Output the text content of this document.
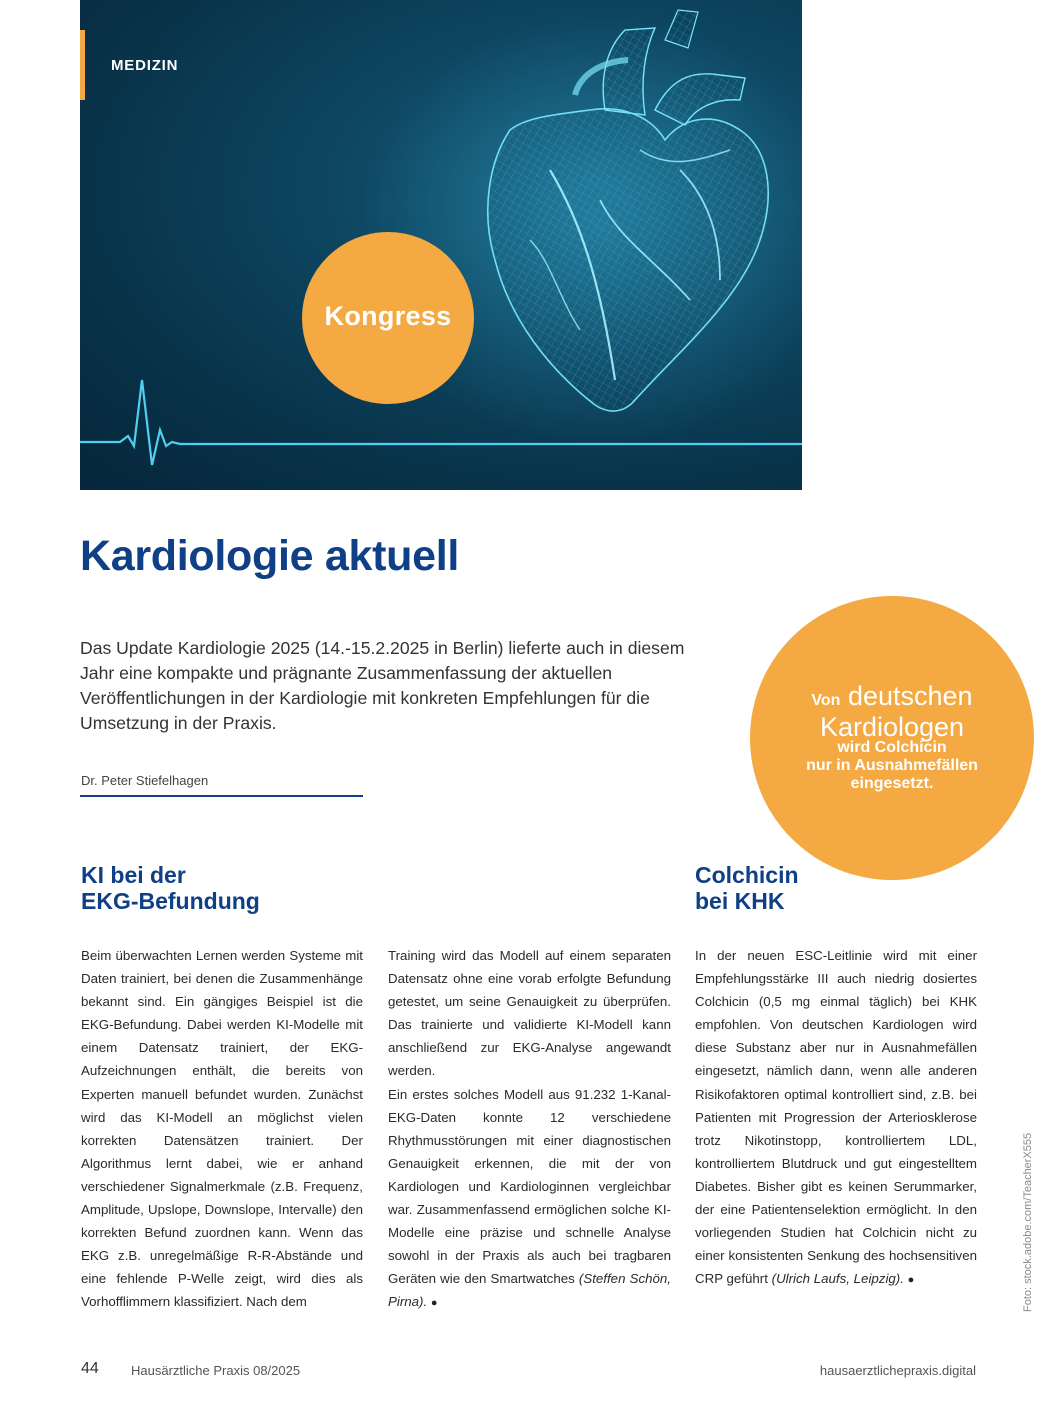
MEDIZIN
Kongress
Kardiologie aktuell
Das Update Kardiologie 2025 (14.-15.2.2025 in Berlin) lieferte auch in diesem Jahr eine kompakte und prägnante Zusammenfassung der aktuellen Veröffentlichungen in der Kardiologie mit konkreten Empfehlungen für die Umsetzung in der Praxis.
Dr. Peter Stiefelhagen
Von deutschen
Kardiologen
wird Colchicin
nur in Ausnahmefällen
eingesetzt.
KI bei der
EKG-Befundung
Colchicin
bei KHK

Beim überwachten Lernen werden Systeme mit Daten trainiert, bei denen die Zusammenhänge bekannt sind. Ein gängiges Beispiel ist die EKG-Befundung. Dabei werden KI-Modelle mit einem Datensatz trainiert, der EKG-Aufzeichnungen enthält, die bereits von Experten manuell befundet wurden. Zunächst wird das KI-Modell an möglichst vielen korrekten Datensätzen trainiert. Der Algorithmus lernt dabei, wie er anhand verschiedener Signalmerkmale (z.B. Frequenz, Amplitude, Upslope, Downslope, Intervalle) den korrekten Befund zuordnen kann. Wenn das EKG z.B. unregelmäßige R-R-Abstände und eine fehlende P-Welle zeigt, wird dies als Vorhofflimmern klassifiziert. Nach dem

Training wird das Modell auf einem separaten Datensatz ohne eine vorab erfolgte Befundung getestet, um seine Genauigkeit zu überprüfen. Das trainierte und validierte KI-Modell kann anschließend zur EKG-Analyse angewandt werden.

Ein erstes solches Modell aus 91.232 1-Kanal-EKG-Daten konnte 12 verschiedene Rhythmusstörungen mit einer diagnostischen Genauigkeit erkennen, die mit der von Kardiologen und Kardiologinnen vergleichbar war. Zusammenfassend ermöglichen solche KI-Modelle eine präzise und schnelle Analyse sowohl in der Praxis als auch bei tragbaren Geräten wie den Smartwatches (Steffen Schön, Pirna). ●

In der neuen ESC-Leitlinie wird mit einer Empfehlungsstärke III auch niedrig dosiertes Colchicin (0,5 mg einmal täglich) bei KHK empfohlen. Von deutschen Kardiologen wird diese Substanz aber nur in Ausnahmefällen eingesetzt, nämlich dann, wenn alle anderen Risikofaktoren optimal kontrolliert sind, z.B. bei Patienten mit Progression der Arteriosklerose trotz Nikotinstopp, kontrolliertem LDL, kontrolliertem Blutdruck und gut eingestelltem Diabetes. Bisher gibt es keinen Serummarker, der eine Patientenselektion ermöglicht. In den vorliegenden Studien hat Colchicin nicht zu einer konsistenten Senkung des hochsensitiven CRP geführt (Ulrich Laufs, Leipzig). ●	Foto: stock.adobe.com/TeacherX555
44 Hausärztliche Praxis 08/2025	hausaerztlichepraxis.digital
